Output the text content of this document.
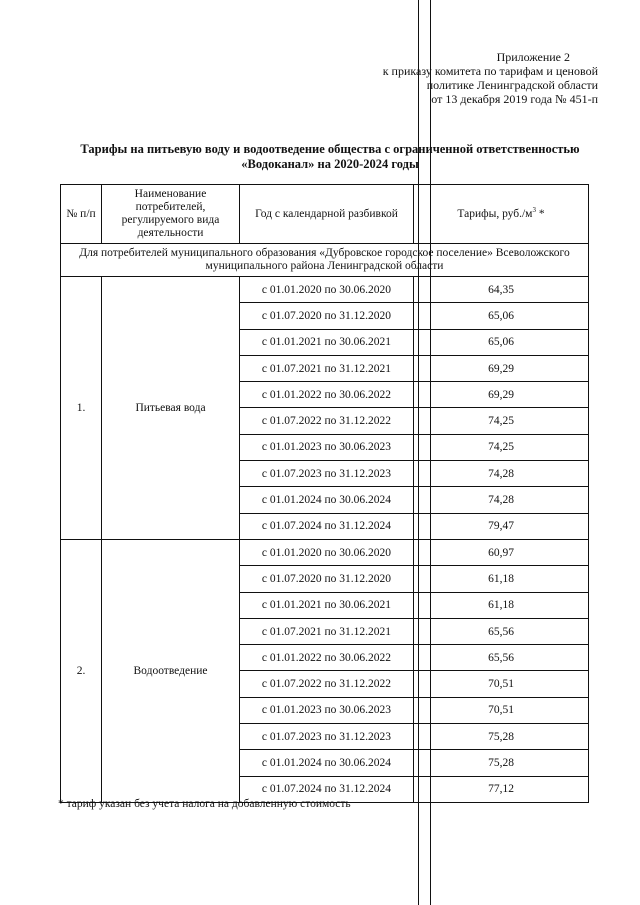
Приложение 2
к приказу комитета по тарифам и ценовой
политике Ленинградской области
от 13 декабря 2019 года № 451-п
Тарифы на питьевую воду и водоотведение общества с ограниченной ответственностью
«Водоканал» на 2020-2024 годы
№ п/п	Наименование потребителей, регулируемого вида деятельности	Год с календарной разбивкой	Тарифы, $руб./м^3$ *
Для потребителей муниципального образования «Дубровское городское поселение» Всеволожского муниципального района Ленинградской области			
1.	Питьевая вода	с 01.01.2020 по 30.06.2020	64,35
		с 01.07.2020 по 31.12.2020	65,06
		с 01.01.2021 по 30.06.2021	65,06
		с 01.07.2021 по 31.12.2021	69,29
		с 01.01.2022 по 30.06.2022	69,29
		с 01.07.2022 по 31.12.2022	74,25
		с 01.01.2023 по 30.06.2023	74,25
		с 01.07.2023 по 31.12.2023	74,28
		с 01.01.2024 по 30.06.2024	74,28
		с 01.07.2024 по 31.12.2024	79,47
2.	Водоотведение	с 01.01.2020 по 30.06.2020	60,97
		с 01.07.2020 по 31.12.2020	61,18
		с 01.01.2021 по 30.06.2021	61,18
		с 01.07.2021 по 31.12.2021	65,56
		с 01.01.2022 по 30.06.2022	65,56
		с 01.07.2022 по 31.12.2022	70,51
		с 01.01.2023 по 30.06.2023	70,51
		с 01.07.2023 по 31.12.2023	75,28
		с 01.01.2024 по 30.06.2024	75,28
		с 01.07.2024 по 31.12.2024	77,12
* тариф указан без учета налога на добавленную стоимость
